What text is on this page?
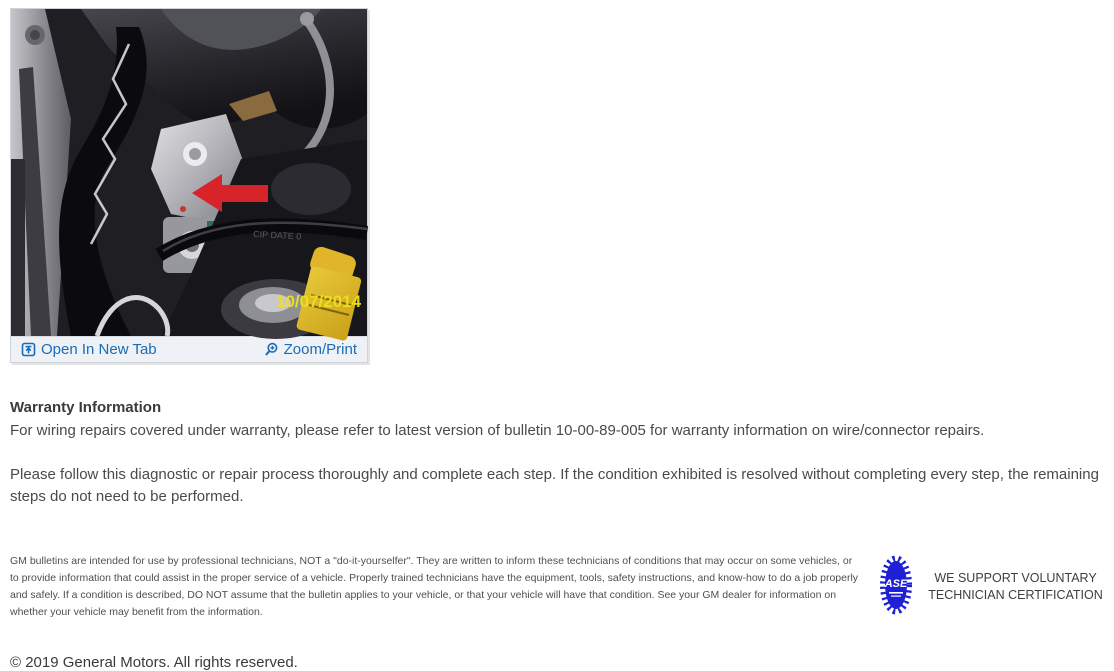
CIP DATE 0
10/07/2014
Open In New Tab	Zoom/Print
Warranty Information

For wiring repairs covered under warranty, please refer to latest version of bulletin 10-00-89-005 for warranty information on wire/connector repairs.

Please follow this diagnostic or repair process thoroughly and complete each step. If the condition exhibited is resolved without completing every step, the remaining steps do not need to be performed.

GM bulletins are intended for use by professional technicians, NOT a "do-it-yourselfer". They are written to inform these technicians of conditions that may occur on some vehicles, or to provide information that could assist in the proper service of a vehicle. Properly trained technicians have the equipment, tools, safety instructions, and know-how to do a job properly and safely. If a condition is described, DO NOT assume that the bulletin applies to your vehicle, or that your vehicle will have that condition. See your GM dealer for information on whether your vehicle may benefit from the information.
ASE	WE SUPPORT VOLUNTARY
TECHNICIAN CERTIFICATION
© 2019 General Motors. All rights reserved.
